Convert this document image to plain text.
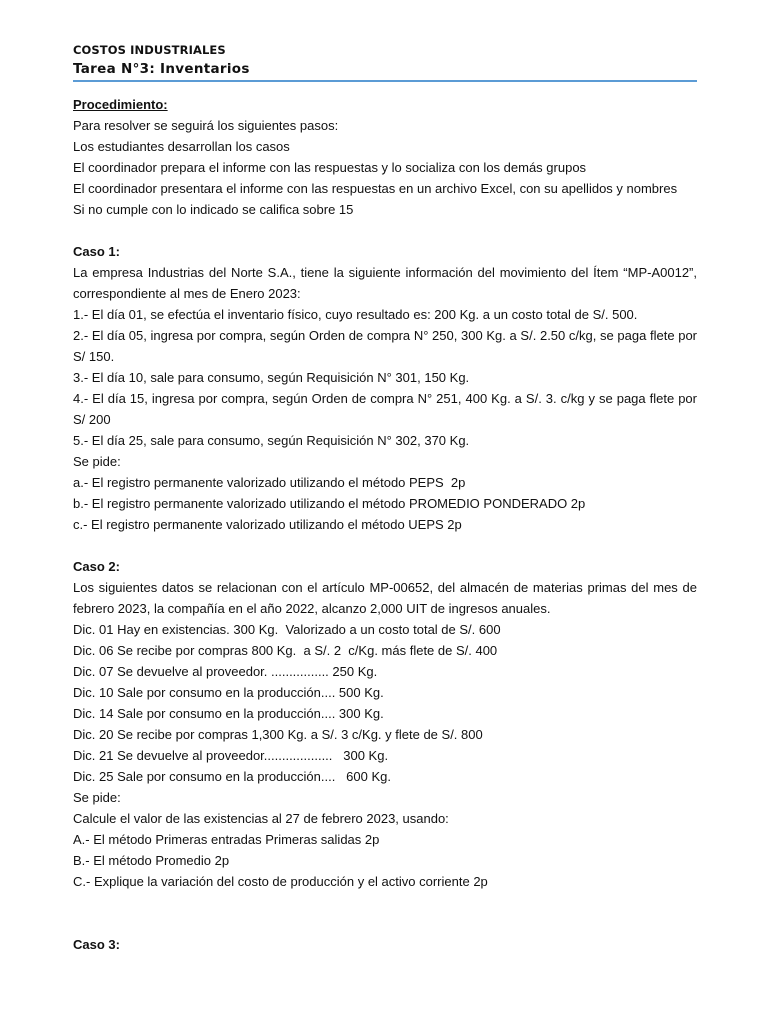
COSTOS INDUSTRIALES
Tarea N°3: Inventarios
Procedimiento:
Para resolver se seguirá los siguientes pasos:
Los estudiantes desarrollan los casos
El coordinador prepara el informe con las respuestas y lo socializa con los demás grupos
El coordinador presentara el informe con las respuestas en un archivo Excel, con su apellidos y nombres
Si no cumple con lo indicado se califica sobre 15
Caso 1:
La empresa Industrias del Norte S.A., tiene la siguiente información del movimiento del Ítem “MP-A0012”, correspondiente al mes de Enero 2023:
1.- El día 01, se efectúa el inventario físico, cuyo resultado es: 200 Kg. a un costo total de S/. 500.
2.- El día 05, ingresa por compra, según Orden de compra N° 250, 300 Kg. a S/. 2.50 c/kg, se paga flete por S/ 150.
3.- El día 10, sale para consumo, según Requisición N° 301, 150 Kg.
4.- El día 15, ingresa por compra, según Orden de compra N° 251, 400 Kg. a S/. 3. c/kg y se paga flete por S/ 200
5.- El día 25, sale para consumo, según Requisición N° 302, 370 Kg.
Se pide:
a.- El registro permanente valorizado utilizando el método PEPS  2p
b.- El registro permanente valorizado utilizando el método PROMEDIO PONDERADO 2p
c.- El registro permanente valorizado utilizando el método UEPS 2p
Caso 2:
Los siguientes datos se relacionan con el artículo MP-00652, del almacén de materias primas del mes de febrero 2023, la compañía en el año 2022, alcanzo 2,000 UIT de ingresos anuales.
Dic. 01 Hay en existencias. 300 Kg.  Valorizado a un costo total de S/. 600
Dic. 06 Se recibe por compras 800 Kg.  a S/. 2  c/Kg. más flete de S/. 400
Dic. 07 Se devuelve al proveedor. ................ 250 Kg.
Dic. 10 Sale por consumo en la producción.... 500 Kg.
Dic. 14 Sale por consumo en la producción.... 300 Kg.
Dic. 20 Se recibe por compras 1,300 Kg. a S/. 3 c/Kg. y flete de S/. 800
Dic. 21 Se devuelve al proveedor...................   300 Kg.
Dic. 25 Sale por consumo en la producción....   600 Kg.
Se pide:
Calcule el valor de las existencias al 27 de febrero 2023, usando:
A.- El método Primeras entradas Primeras salidas 2p
B.- El método Promedio 2p
C.- Explique la variación del costo de producción y el activo corriente 2p
Caso 3:
